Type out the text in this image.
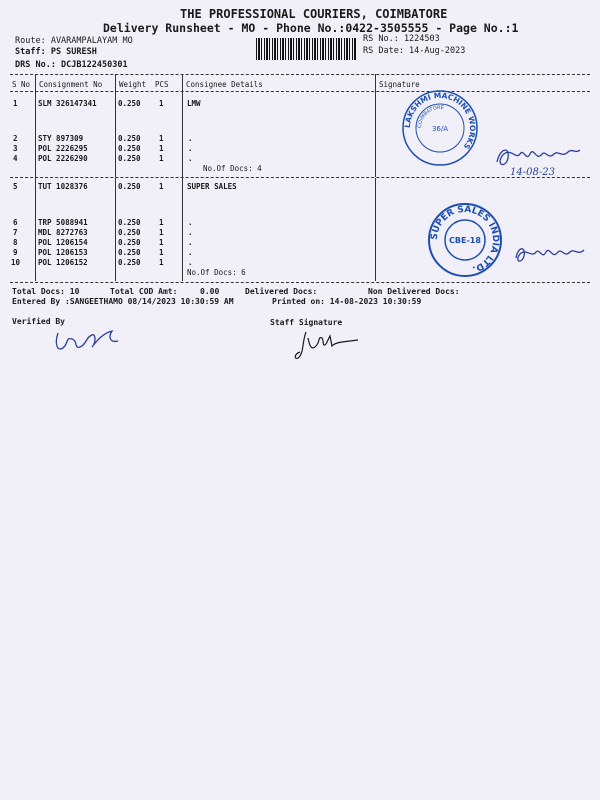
THE PROFESSIONAL COURIERS, COIMBATORE
Delivery Runsheet - MO - Phone No.:0422-3505555 - Page No.:1
Route: AVARAMPALAYAM MO
Staff: PS SURESH
DRS No.: DCJB122450301
RS No.: 1224503
RS Date: 14-Aug-2023
S No Consignment No Weight PCS Consignee Details	Signature
1	SLM 326147341	0.250 1	LMW
2	STY 897309	0.250 1	.
3	POL 2226295	0.250 1	.
4	POL 2226290	0.250 1	.
No.Of Docs: 4
5	TUT 1028376	0.250 1	SUPER SALES
6	TRP 5088941	0.250 1	.
7	MDL 8272763	0.250 1	.
8	POL 1206154	0.250 1	.
9	POL 1206153	0.250 1	.
10 POL 1206152	0.250 1	.
No.Of Docs: 6
LAKSHMI MACHINE WORKS
COIMBATORE
36/A
14-08-23
SUPER SALES INDIA LTD.
CBE-18
Total Docs: 10	Total COD Amt:	0.00	Delivered Docs:	Non Delivered Docs:
Entered By :SANGEETHAMO 08/14/2023 10:30:59 AM	Printed on: 14-08-2023 10:30:59
Verified By	Staff Signature
